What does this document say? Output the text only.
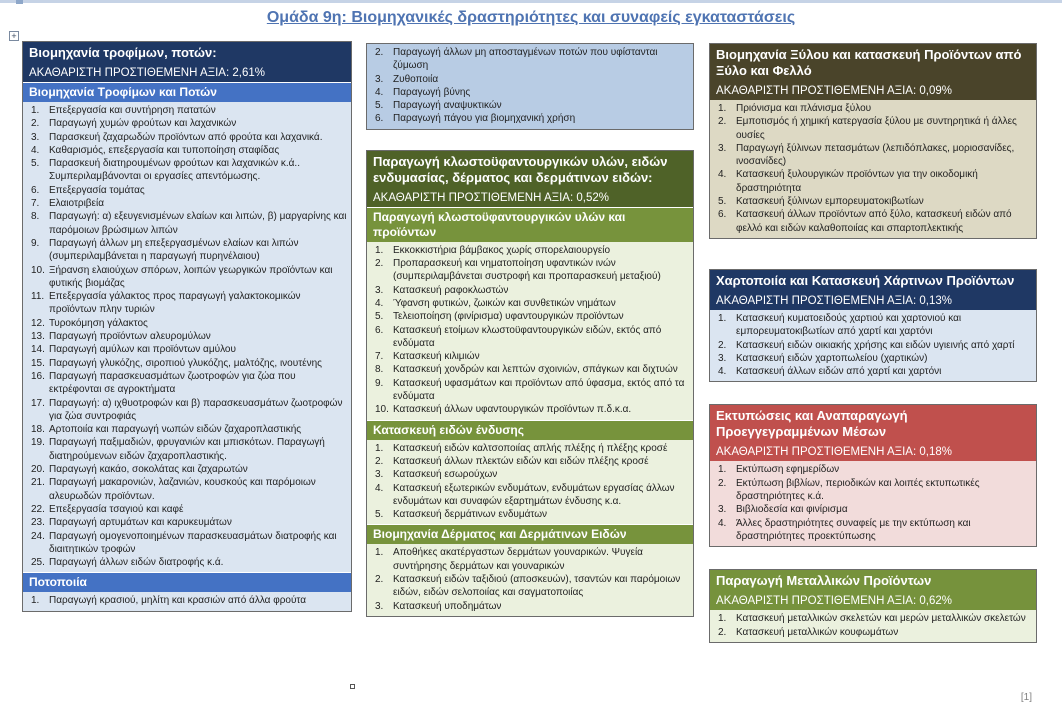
+
Ομάδα 9η: Βιομηχανικές δραστηριότητες και συναφείς εγκαταστάσεις
Βιομηχανία τροφίμων, ποτών:
ΑΚΑΘΑΡΙΣΤΗ ΠΡΟΣΤΙΘΕΜΕΝΗ ΑΞΙΑ: 2,61%
Βιομηχανία Τροφίμων και Ποτών
1. Επεξεργασία και συντήρηση πατατών
2. Παραγωγή χυμών φρούτων και λαχανικών
3. Παρασκευή ζαχαρωδών προϊόντων από φρούτα και λαχανικά.
4. Καθαρισμός, επεξεργασία και τυποποίηση σταφίδας
5. Παρασκευή διατηρουμένων φρούτων και λαχανικών κ.ά.. Συμπεριλαμβάνονται οι εργασίες απεντόμωσης.
6. Επεξεργασία τομάτας
7. Ελαιοτριβεία
8. Παραγωγή: α) εξευγενισμένων ελαίων και λιπών, β) μαργαρίνης και παρόμοιων βρώσιμων λιπών
9. Παραγωγή άλλων μη επεξεργασμένων ελαίων και λιπών (συμπεριλαμβάνεται η παραγωγή πυρηνέλαιου)
10. Ξήρανση ελαιούχων σπόρων, λοιπών γεωργικών προϊόντων και φυτικής βιομάζας
11. Επεξεργασία γάλακτος προς παραγωγή γαλακτοκομικών προϊόντων πλην τυριών
12. Τυροκόμηση γάλακτος
13. Παραγωγή προϊόντων αλευρομύλων
14. Παραγωγή αμύλων και προϊόντων αμύλου
15. Παραγωγή γλυκόζης, σιροπιού γλυκόζης, μαλτόζης, ινουτένης
16. Παραγωγή παρασκευασμάτων ζωοτροφών για ζώα που εκτρέφονται σε αγροκτήματα
17. Παραγωγή: α) ιχθυοτροφών και β) παρασκευασμάτων ζωοτροφών για ζώα συντροφιάς
18. Αρτοποιία και παραγωγή νωπών ειδών ζαχαροπλαστικής
19. Παραγωγή παξιμαδιών, φρυγανιών και μπισκότων. Παραγωγή διατηρούμενων ειδών ζαχαροπλαστικής.
20. Παραγωγή κακάο, σοκολάτας και ζαχαρωτών
21. Παραγωγή μακαρονιών, λαζανιών, κουσκούς και παρόμοιων αλευρωδών προϊόντων.
22. Επεξεργασία τσαγιού και καφέ
23. Παραγωγή αρτυμάτων και καρυκευμάτων
24. Παραγωγή ομογενοποιημένων παρασκευασμάτων διατροφής και διαιτητικών τροφών
25. Παραγωγή άλλων ειδών διατροφής κ.ά.
Ποτοποιία
1. Παραγωγή κρασιού, μηλίτη και κρασιών από άλλα φρούτα
2. Παραγωγή άλλων μη αποσταγμένων ποτών που υφίστανται ζύμωση
3. Ζυθοποιία
4. Παραγωγή βύνης
5. Παραγωγή αναψυκτικών
6. Παραγωγή πάγου για βιομηχανική χρήση
Παραγωγή κλωστοϋφαντουργικών υλών, ειδών ενδυμασίας, δέρματος και δερμάτινων ειδών:
ΑΚΑΘΑΡΙΣΤΗ ΠΡΟΣΤΙΘΕΜΕΝΗ ΑΞΙΑ: 0,52%
Παραγωγή κλωστοϋφαντουργικών υλών και προϊόντων
1. Εκκοκκιστήρια βάμβακος χωρίς σπορελαιουργείο
2. Προπαρασκευή και νηματοποίηση υφαντικών ινών (συμπεριλαμβάνεται συστροφή και προπαρασκευή μεταξιού)
3. Κατασκευή ραφοκλωστών
4. Ύφανση φυτικών, ζωικών και συνθετικών νημάτων
5. Τελειοποίηση (φινίρισμα) υφαντουργικών προϊόντων
6. Κατασκευή ετοίμων κλωστοϋφαντουργικών ειδών, εκτός από ενδύματα
7. Κατασκευή κιλιμιών
8. Κατασκευή χονδρών και λεπτών σχοινιών, σπάγκων και διχτυών
9. Κατασκευή υφασμάτων και προϊόντων από ύφασμα, εκτός από τα ενδύματα
10. Κατασκευή άλλων υφαντουργικών προϊόντων π.δ.κ.α.
Κατασκευή ειδών ένδυσης
1. Κατασκευή ειδών καλτσοποιίας απλής πλέξης ή πλέξης κροσέ
2. Κατασκευή άλλων πλεκτών ειδών και ειδών πλέξης κροσέ
3. Κατασκευή εσωρούχων
4. Κατασκευή εξωτερικών ενδυμάτων, ενδυμάτων εργασίας άλλων ενδυμάτων και συναφών εξαρτημάτων ένδυσης κ.α.
5. Κατασκευή δερμάτινων ενδυμάτων
Βιομηχανία Δέρματος και Δερμάτινων Ειδών
1. Αποθήκες ακατέργαστων δερμάτων γουναρικών. Ψυγεία συντήρησης δερμάτων και γουναρικών
2. Κατασκευή ειδών ταξιδιού (αποσκευών), τσαντών και παρόμοιων ειδών, ειδών σελοποιίας και σαγματοποιίας
3. Κατασκευή υποδημάτων
Βιομηχανία Ξύλου και κατασκευή Προϊόντων από Ξύλο και Φελλό
ΑΚΑΘΑΡΙΣΤΗ ΠΡΟΣΤΙΘΕΜΕΝΗ ΑΞΙΑ: 0,09%
1. Πριόνισμα και πλάνισμα ξύλου
2. Εμποτισμός ή χημική κατεργασία ξύλου με συντηρητικά ή άλλες ουσίες
3. Παραγωγή ξύλινων πετασμάτων (λεπιδόπλακες, μοριοσανίδες, ινοσανίδες)
4. Κατασκευή ξυλουργικών προϊόντων για την οικοδομική δραστηριότητα
5. Κατασκευή ξύλινων εμπορευματοκιβωτίων
6. Κατασκευή άλλων προϊόντων από ξύλο, κατασκευή ειδών από φελλό και ειδών καλαθοποιίας και σπαρτοπλεκτικής
Χαρτοποιία και Κατασκευή Χάρτινων Προϊόντων
ΑΚΑΘΑΡΙΣΤΗ ΠΡΟΣΤΙΘΕΜΕΝΗ ΑΞΙΑ: 0,13%
1. Κατασκευή κυματοειδούς χαρτιού και χαρτονιού και εμπορευματοκιβωτίων από χαρτί και χαρτόνι
2. Κατασκευή ειδών οικιακής χρήσης και ειδών υγιεινής από χαρτί
3. Κατασκευή ειδών χαρτοπωλείου (χαρτικών)
4. Κατασκευή άλλων ειδών από χαρτί και χαρτόνι
Εκτυπώσεις και Αναπαραγωγή Προεγγεγραμμένων Μέσων
ΑΚΑΘΑΡΙΣΤΗ ΠΡΟΣΤΙΘΕΜΕΝΗ ΑΞΙΑ: 0,18%
1. Εκτύπωση εφημερίδων
2. Εκτύπωση βιβλίων, περιοδικών και λοιπές εκτυπωτικές δραστηριότητες κ.ά.
3. Βιβλιοδεσία και φινίρισμα
4. Άλλες δραστηριότητες συναφείς με την εκτύπωση και δραστηριότητες προεκτύπωσης
Παραγωγή Μεταλλικών Προϊόντων
ΑΚΑΘΑΡΙΣΤΗ ΠΡΟΣΤΙΘΕΜΕΝΗ ΑΞΙΑ: 0,62%
1. Κατασκευή μεταλλικών σκελετών και μερών μεταλλικών σκελετών
2. Κατασκευή μεταλλικών κουφωμάτων
[1]
